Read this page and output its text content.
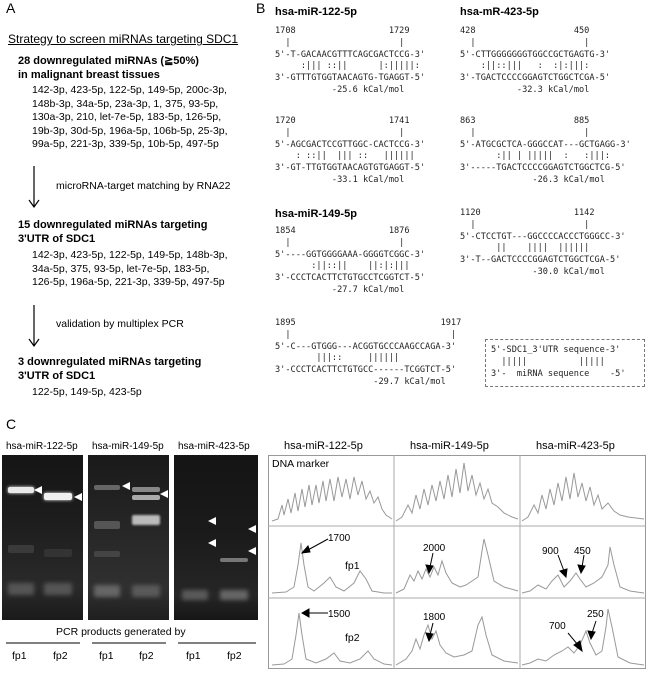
A
Strategy to screen miRNAs targeting SDC1
28 downregulated miRNAs (≧50%)
in malignant breast tissues
142-3p, 423-5p, 122-5p, 149-5p, 200c-3p,
148b-3p, 34a-5p, 23a-3p, 1, 375, 93-5p,
130a-3p, 210, let-7e-5p, 183-5p, 126-5p,
19b-3p, 30d-5p, 196a-5p, 106b-5p, 25-3p,
99a-5p, 221-3p, 339-5p, 10b-5p, 497-5p
microRNA-target matching by RNA22
15 downregulated miRNAs targeting
3'UTR of SDC1
142-3p, 423-5p, 122-5p, 149-5p, 148b-3p,
34a-5p, 375, 93-5p, let-7e-5p, 183-5p,
126-5p, 196a-5p, 221-3p, 339-5p, 497-5p
validation by multiplex PCR
3 downregulated miRNAs targeting
3'UTR of SDC1
122-5p, 149-5p, 423-5p
B hsa-miR-122-5p
1708                  1729
|                     |
5'-T-GACAACGTTTCAGCGACTCCG-3'
:||| ::||      |:|||||:
3'-GTTTGTGGTAACAGTG-TGAGGT-5'
-25.6 kCal/mol
1720                  1741
|                     |
5'-AGCGACTCCGTTGGC-CACTCCG-3'
: ::||  ||| ::   ||||||
3'-GT-TTGTGGTAACAGTGTGAGGT-5'
-33.1 kCal/mol
hsa-miR-149-5p
1854                  1876
|                     |
5'----GGTGGGGAAA-GGGGTCGGC-3'
:||::||    ||:|:|||
3'-CCCTCACTTCTGTGCCTCGGTCT-5'
-27.7 kCal/mol
1895                            1917
|                               |
5'-C---GTGGG---ACGGTGCCCAAGCCAGA-3'
|||::     ||||||
3'-CCCTCACTTCTGTGCC------TCGGTCT-5'
-29.7 kCal/mol
hsa-mR-423-5p
428                   450
|                     |
5'-CTTGGGGGGGTGGCCGCTGAGTG-3'
:||::|||   :  :|:|||:
3'-TGACTCCCCGGAGTCTGGCTCGA-5'
-32.3 kCal/mol
863                   885
|                     |
5'-ATGCGCTCA-GGGCCAT---GCTGAGG-3'
:|| | |||||  :   :|||:
3'-----TGACTCCCCGGAGTCTGGCTCG-5'
-26.3 kCal/mol
1120                  1142
|                     |
5'-CTCCTGT---GGCCCCACCCTGGGCC-3'
||    ||||  ||||||
3'-T--GACTCCCCGGAGTCTGGCTCGA-5'
-30.0 kCal/mol
5'-SDC1_3'UTR sequence-3'
|||||          |||||
3'-  miRNA sequence    -5'
C
hsa-miR-122-5p hsa-miR-149-5p hsa-miR-423-5p
PCR products generated by
fp1	fp2	fp1 fp2	fp1	fp2
hsa-miR-122-5p	hsa-miR-149-5p	hsa-miR-423-5p
DNA marker
fp1
fp2
1700
1500
2000
1800
900 450
700
250
